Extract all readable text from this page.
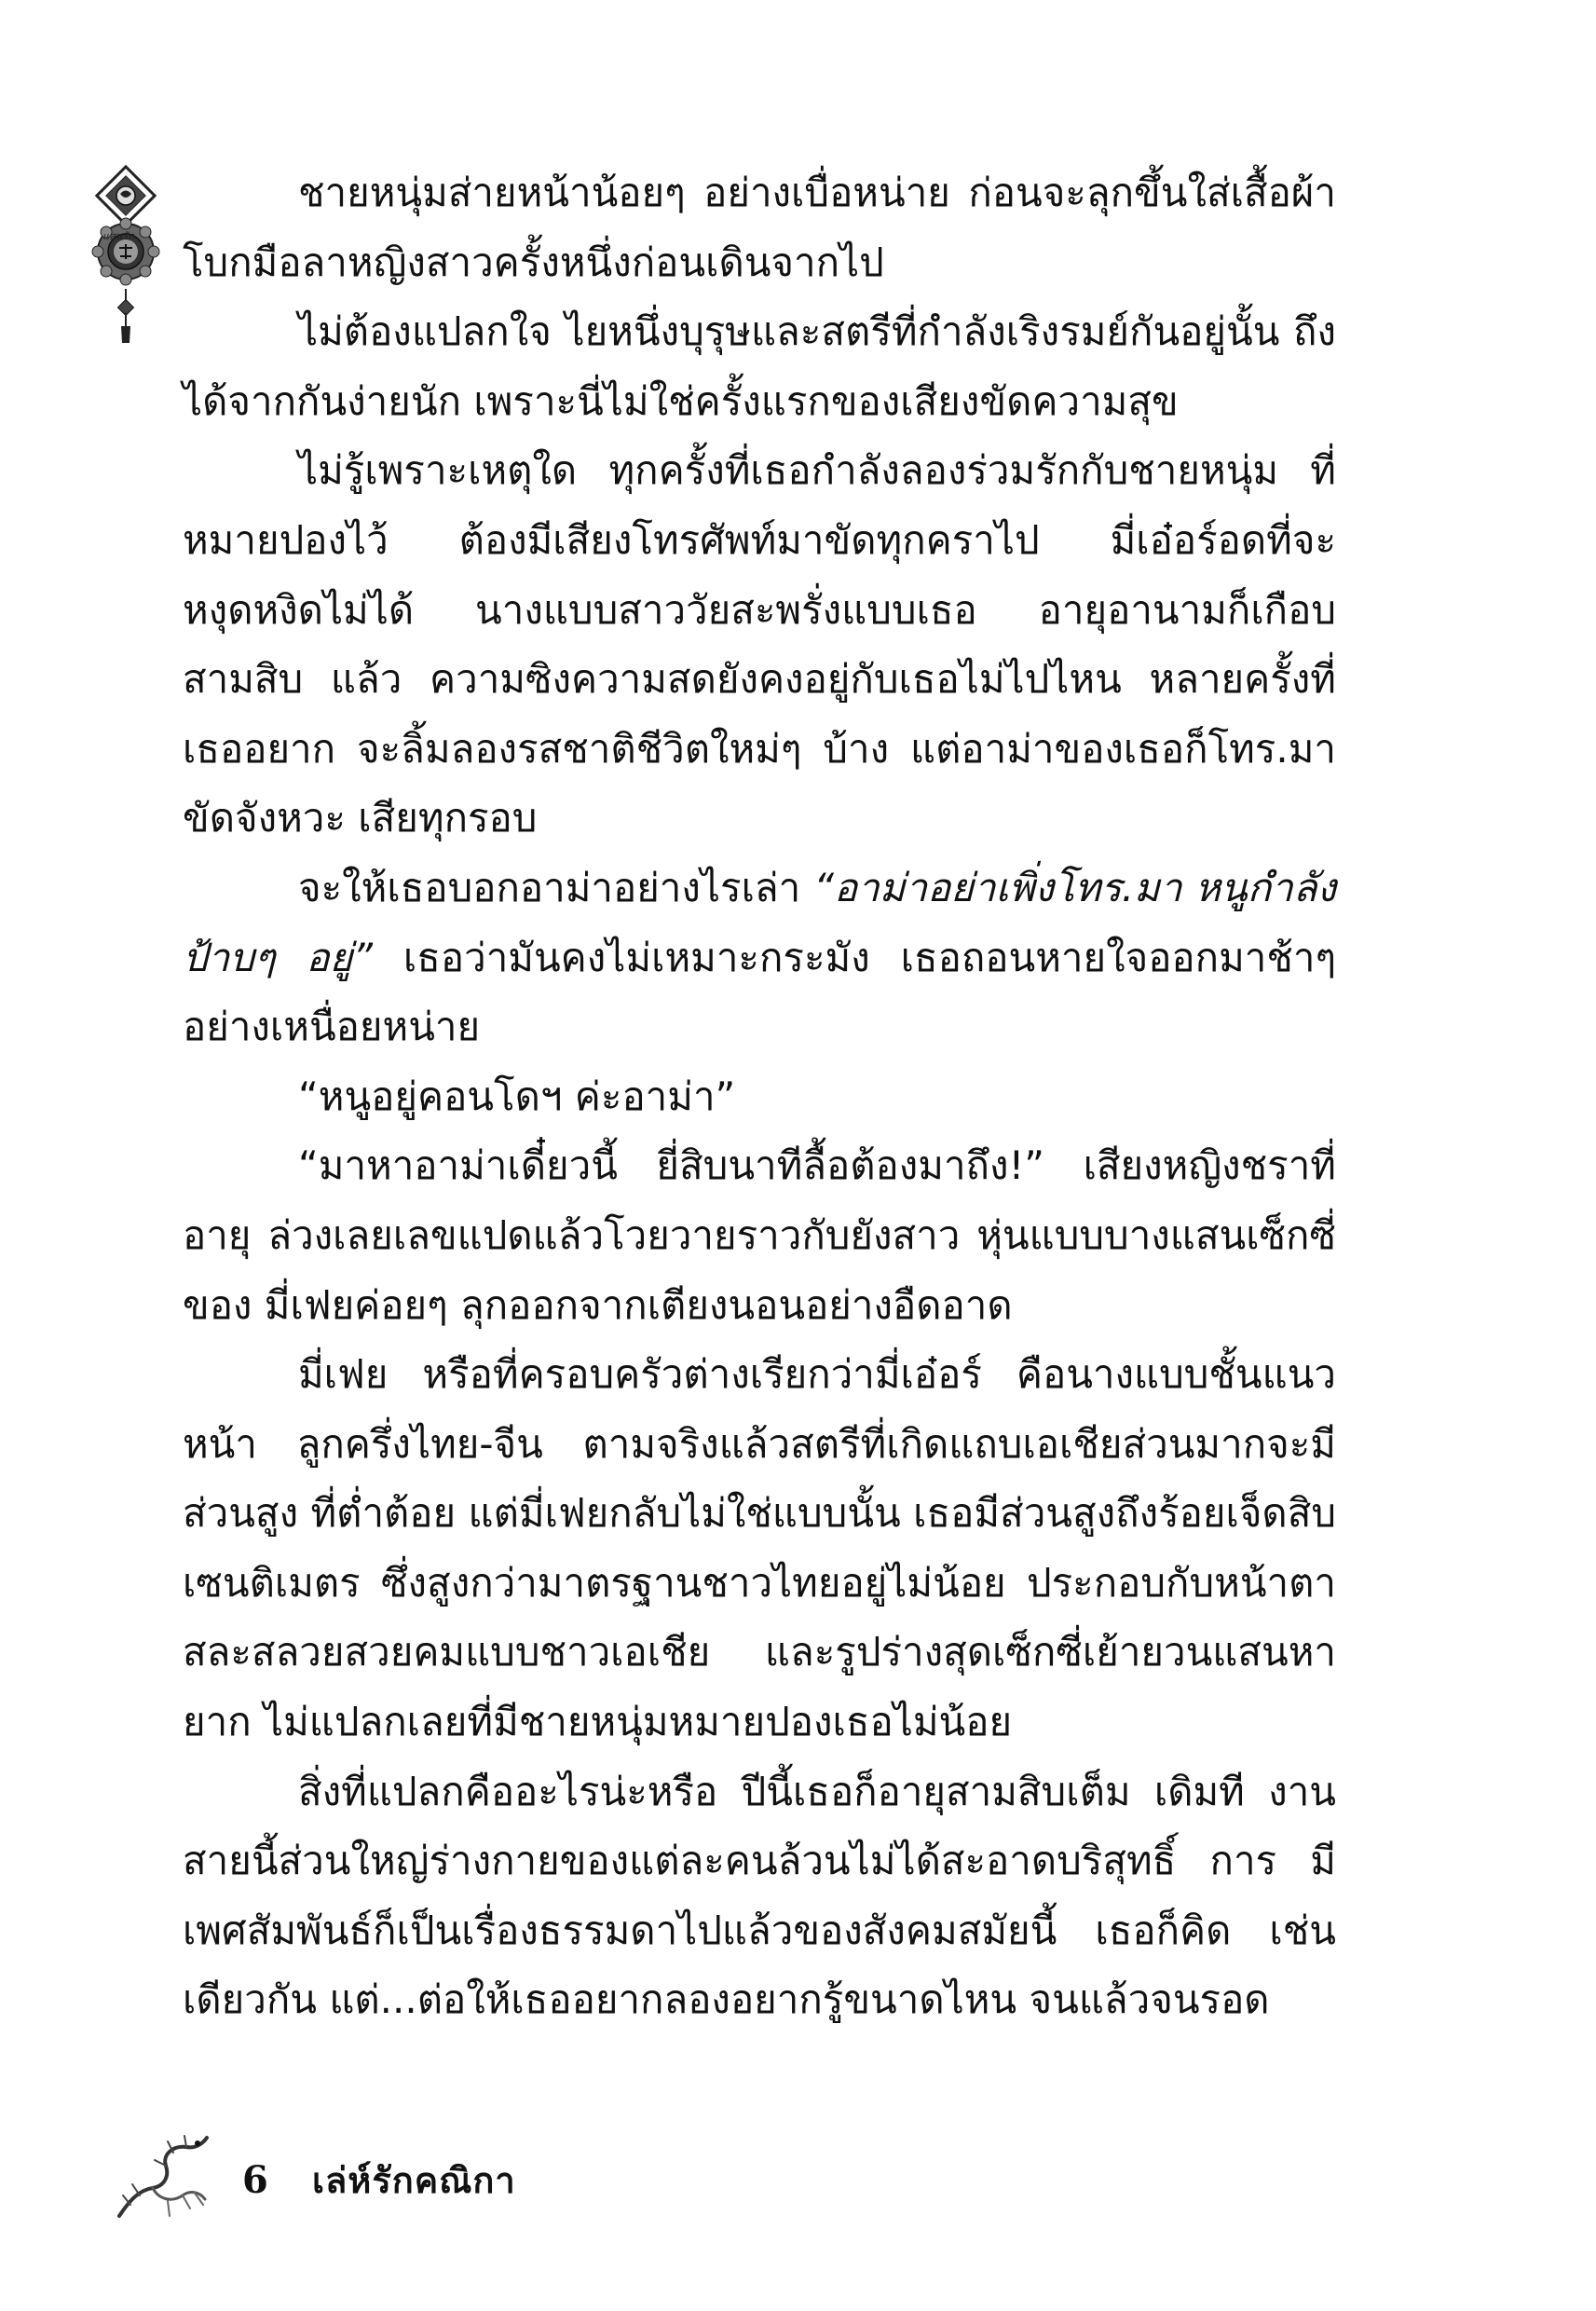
แสนรัก

ชายหนุ่มส่ายหน้าน้อยๆ อย่างเบื่อหน่าย ก่อนจะลุกขึ้นใส่เสื้อผ้า โบกมือลาหญิงสาวครั้งหนึ่งก่อนเดินจากไป

ไม่ต้องแปลกใจ ไยหนึ่งบุรุษและสตรีที่กำลังเริงรมย์กันอยู่นั้น ถึงได้จากกันง่ายนัก เพราะนี่ไม่ใช่ครั้งแรกของเสียงขัดความสุข

ไม่รู้เพราะเหตุใด ทุกครั้งที่เธอกำลังลองร่วมรักกับชายหนุ่ม ที่หมายปองไว้ ต้องมีเสียงโทรศัพท์มาขัดทุกคราไป มี่เอ๋อร์อดที่จะ หงุดหงิดไม่ได้ นางแบบสาววัยสะพรั่งแบบเธอ อายุอานามก็เกือบสามสิบ แล้ว ความซิงความสดยังคงอยู่กับเธอไม่ไปไหน หลายครั้งที่เธออยาก จะลิ้มลองรสชาติชีวิตใหม่ๆ บ้าง แต่อาม่าของเธอก็โทร.มาขัดจังหวะ เสียทุกรอบ

จะให้เธอบอกอาม่าอย่างไรเล่า “อาม่าอย่าเพิ่งโทร.มา หนูกำลัง ป้าบๆ อยู่” เธอว่ามันคงไม่เหมาะกระมัง เธอถอนหายใจออกมาช้าๆ อย่างเหนื่อยหน่าย

“หนูอยู่คอนโดฯ ค่ะอาม่า”

“มาหาอาม่าเดี๋ยวนี้ ยี่สิบนาทีลื้อต้องมาถึง!” เสียงหญิงชราที่อายุ ล่วงเลยเลขแปดแล้วโวยวายราวกับยังสาว หุ่นแบบบางแสนเซ็กซี่ของ มี่เฟยค่อยๆ ลุกออกจากเตียงนอนอย่างอืดอาด

มี่เฟย หรือที่ครอบครัวต่างเรียกว่ามี่เอ๋อร์ คือนางแบบชั้นแนวหน้า ลูกครึ่งไทย-จีน ตามจริงแล้วสตรีที่เกิดแถบเอเชียส่วนมากจะมีส่วนสูง ที่ต่ำต้อย แต่มี่เฟยกลับไม่ใช่แบบนั้น เธอมีส่วนสูงถึงร้อยเจ็ดสิบ เซนติเมตร ซึ่งสูงกว่ามาตรฐานชาวไทยอยู่ไม่น้อย ประกอบกับหน้าตา สละสลวยสวยคมแบบชาวเอเชีย และรูปร่างสุดเซ็กซี่เย้ายวนแสนหายาก ไม่แปลกเลยที่มีชายหนุ่มหมายปองเธอไม่น้อย

สิ่งที่แปลกคืออะไรน่ะหรือ ปีนี้เธอก็อายุสามสิบเต็ม เดิมที งานสายนี้ส่วนใหญ่ร่างกายของแต่ละคนล้วนไม่ได้สะอาดบริสุทธิ์ การ มีเพศสัมพันธ์ก็เป็นเรื่องธรรมดาไปแล้วของสังคมสมัยนี้ เธอก็คิด เช่นเดียวกัน แต่...ต่อให้เธออยากลองอยากรู้ขนาดไหน จนแล้วจนรอด

6 เล่ห์รักคณิกา
